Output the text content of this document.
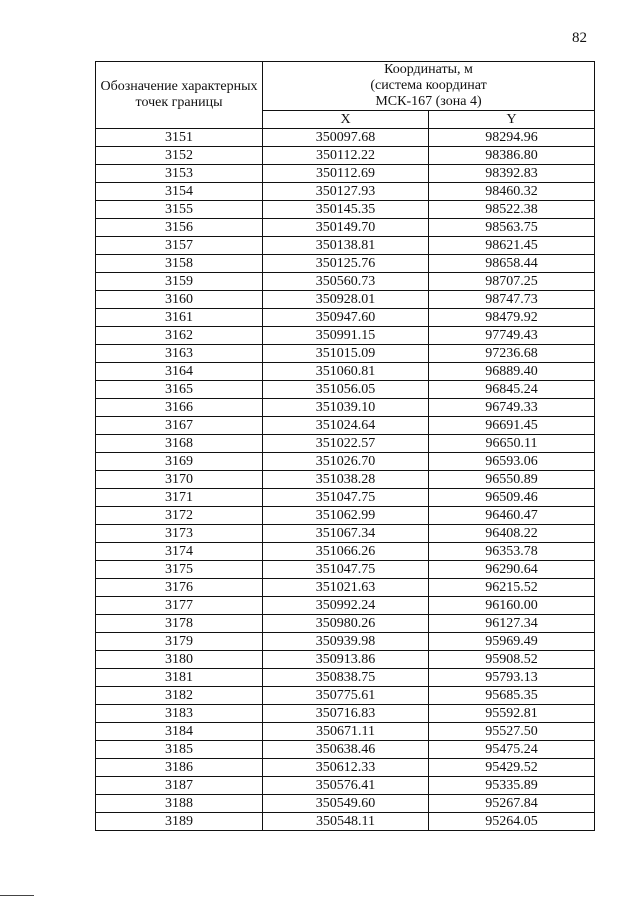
82
Обозначение характерных точек границы	Координаты, м
(система координат
МСК-167 (зона 4)	

	X	Y
3151	350097.68	98294.96
3152	350112.22	98386.80
3153	350112.69	98392.83
3154	350127.93	98460.32
3155	350145.35	98522.38
3156	350149.70	98563.75
3157	350138.81	98621.45
3158	350125.76	98658.44
3159	350560.73	98707.25
3160	350928.01	98747.73
3161	350947.60	98479.92
3162	350991.15	97749.43
3163	351015.09	97236.68
3164	351060.81	96889.40
3165	351056.05	96845.24
3166	351039.10	96749.33
3167	351024.64	96691.45
3168	351022.57	96650.11
3169	351026.70	96593.06
3170	351038.28	96550.89
3171	351047.75	96509.46
3172	351062.99	96460.47
3173	351067.34	96408.22
3174	351066.26	96353.78
3175	351047.75	96290.64
3176	351021.63	96215.52
3177	350992.24	96160.00
3178	350980.26	96127.34
3179	350939.98	95969.49
3180	350913.86	95908.52
3181	350838.75	95793.13
3182	350775.61	95685.35
3183	350716.83	95592.81
3184	350671.11	95527.50
3185	350638.46	95475.24
3186	350612.33	95429.52
3187	350576.41	95335.89
3188	350549.60	95267.84
3189	350548.11	95264.05
